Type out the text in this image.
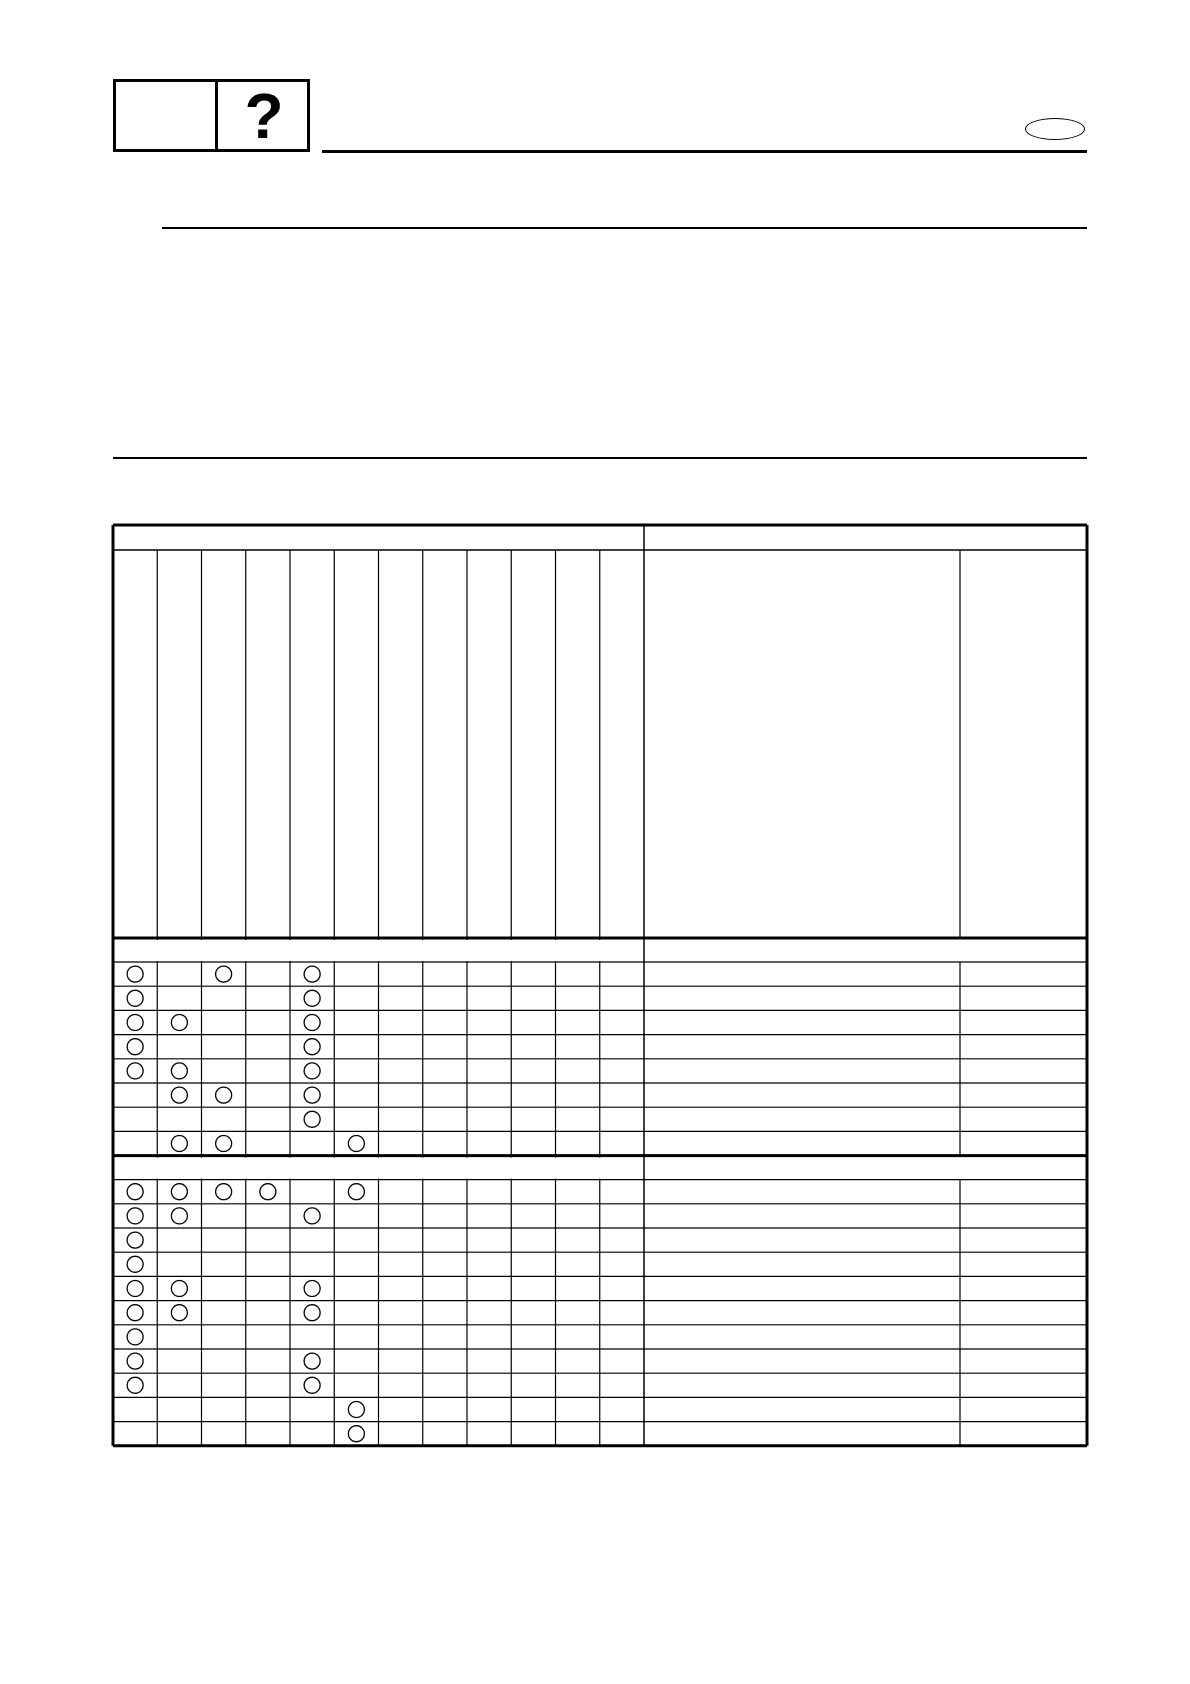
?
